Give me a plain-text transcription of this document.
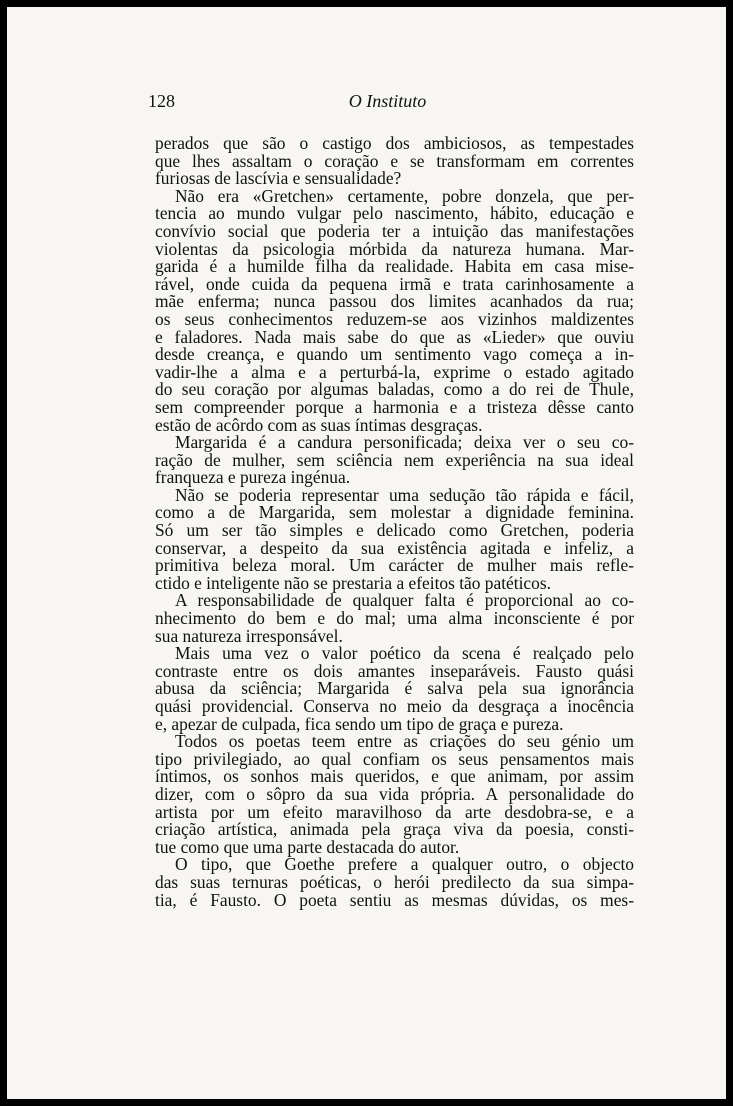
128	O Instituto
perados que são o castigo dos ambiciosos, as tempestades
que lhes assaltam o coração e se transformam em correntes
furiosas de lascívia e sensualidade?
Não era «Gretchen» certamente, pobre donzela, que per-
tencia ao mundo vulgar pelo nascimento, hábito, educação e
convívio social que poderia ter a intuição das manifestações
violentas da psicologia mórbida da natureza humana. Mar-
garida é a humilde filha da realidade. Habita em casa mise-
rável, onde cuida da pequena irmã e trata carinhosamente a
mãe enferma; nunca passou dos limites acanhados da rua;
os seus conhecimentos reduzem-se aos vizinhos maldizentes
e faladores. Nada mais sabe do que as «Lieder» que ouviu
desde creança, e quando um sentimento vago começa a in-
vadir-lhe a alma e a perturbá-la, exprime o estado agitado
do seu coração por algumas baladas, como a do rei de Thule,
sem compreender porque a harmonia e a tristeza dêsse canto
estão de acôrdo com as suas íntimas desgraças.
Margarida é a candura personificada; deixa ver o seu co-
ração de mulher, sem sciência nem experiência na sua ideal
franqueza e pureza ingénua.
Não se poderia representar uma sedução tão rápida e fácil,
como a de Margarida, sem molestar a dignidade feminina.
Só um ser tão simples e delicado como Gretchen, poderia
conservar, a despeito da sua existência agitada e infeliz, a
primitiva beleza moral. Um carácter de mulher mais refle-
ctido e inteligente não se prestaria a efeitos tão patéticos.
A responsabilidade de qualquer falta é proporcional ao co-
nhecimento do bem e do mal; uma alma inconsciente é por
sua natureza irresponsável.
Mais uma vez o valor poético da scena é realçado pelo
contraste entre os dois amantes inseparáveis. Fausto quási
abusa da sciência; Margarida é salva pela sua ignorância
quási providencial. Conserva no meio da desgraça a inocência
e, apezar de culpada, fica sendo um tipo de graça e pureza.
Todos os poetas teem entre as criações do seu génio um
tipo privilegiado, ao qual confiam os seus pensamentos mais
íntimos, os sonhos mais queridos, e que animam, por assim
dizer, com o sôpro da sua vida própria. A personalidade do
artista por um efeito maravilhoso da arte desdobra-se, e a
criação artística, animada pela graça viva da poesia, consti-
tue como que uma parte destacada do autor.
O tipo, que Goethe prefere a qualquer outro, o objecto
das suas ternuras poéticas, o herói predilecto da sua simpa-
tia, é Fausto. O poeta sentiu as mesmas dúvidas, os mes-
